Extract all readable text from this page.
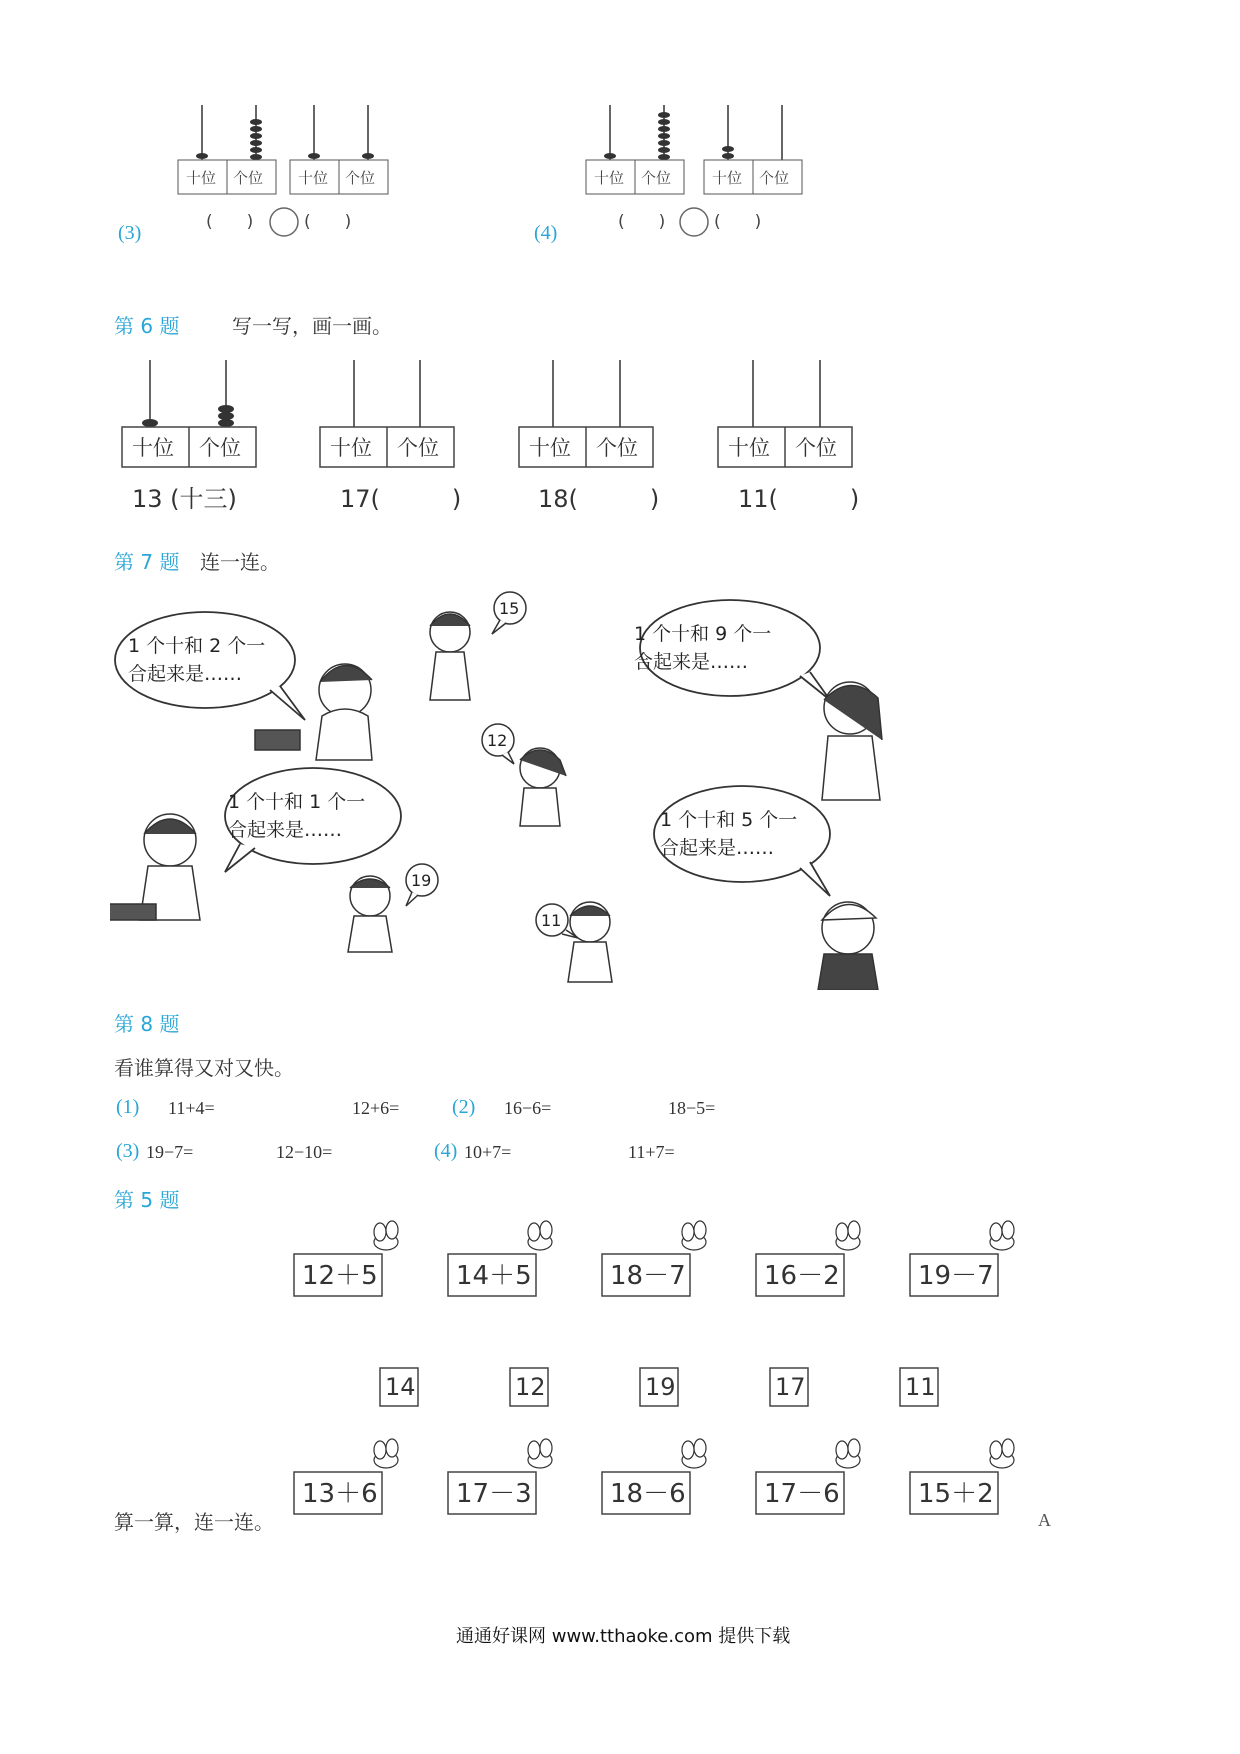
十位 个位 十位 个位
(　　)	(　　)
(3)
十位 个位	十位 个位
(　　)	(　　)
(4)
第 6 题	写一写，画一画。
十位 个位	十位 个位	十位 个位	十位 个位
13 (十三)	17(　　　)	18(　　　)	11(　　　)
第 7 题 连一连。
15
12
19
11
1 个十和 2 个一
合起来是……
1 个十和 9 个一
合起来是……
1 个十和 1 个一
合起来是……	1 个十和 5 个一
合起来是……
第 8 题
看谁算得又对又快。
(1) 11+4=	12+6=	(2) 16−6=	18−5=
(3) 19−7=	12−10=	(4) 10+7=	11+7=
第 5 题
12＋5	14＋5	18－7	16－2	19－7
14	12	19	17	11
13＋6	17－3	18－6	17－6	15＋2
算一算，连一连。	A
通通好课网 www.tthaoke.com 提供下载
